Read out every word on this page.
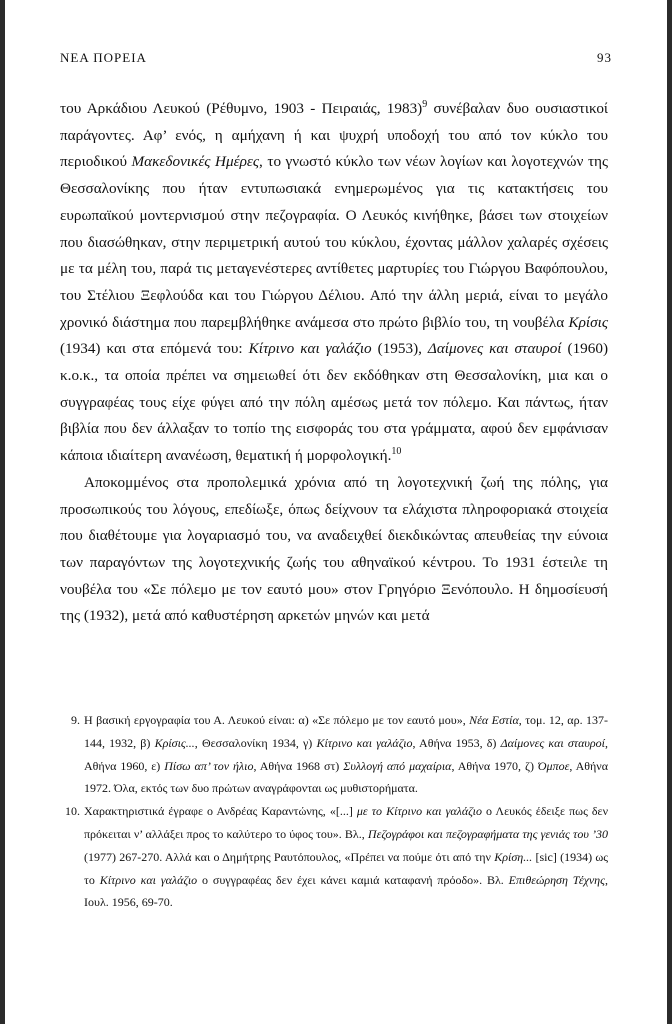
ΝΕΑ ΠΟΡΕΙΑ	93

του Αρκάδιου Λευκού (Ρέθυμνο, 1903 - Πειραιάς, 1983)$^9$ συνέβαλαν δυο ουσιαστικοί παράγοντες. Αφ’ ενός, η αμήχανη ή και ψυχρή υποδοχή του από τον κύκλο του περιοδικού Μακεδονικές Ημέρες, το γνωστό κύκλο των νέων λογίων και λογοτεχνών της Θεσσαλονίκης που ήταν εντυπωσιακά ενημερωμένος για τις κατακτήσεις του ευρωπαϊκού μοντερνισμού στην πεζογραφία. Ο Λευκός κινήθηκε, βάσει των στοιχείων που διασώθηκαν, στην περιμετρική αυτού του κύκλου, έχοντας μάλλον χαλαρές σχέσεις με τα μέλη του, παρά τις μεταγενέστερες αντίθετες μαρτυρίες του Γιώργου Βαφόπουλου, του Στέλιου Ξεφλούδα και του Γιώργου Δέλιου. Από την άλλη μεριά, είναι το μεγάλο χρονικό διάστημα που παρεμβλήθηκε ανάμεσα στο πρώτο βιβλίο του, τη νουβέλα Κρίσις (1934) και στα επόμενά του: Κίτρινο και γαλάζιο (1953), Δαίμονες και σταυροί (1960) κ.ο.κ., τα οποία πρέπει να σημειωθεί ότι δεν εκδόθηκαν στη Θεσσαλονίκη, μια και ο συγγραφέας τους είχε φύγει από την πόλη αμέσως μετά τον πόλεμο. Και πάντως, ήταν βιβλία που δεν άλλαξαν το τοπίο της εισφοράς του στα γράμματα, αφού δεν εμφάνισαν κάποια ιδιαίτερη ανανέωση, θεματική ή μορφολογική.$^{10}$

Αποκομμένος στα προπολεμικά χρόνια από τη λογοτεχνική ζωή της πόλης, για προσωπικούς του λόγους, επεδίωξε, όπως δείχνουν τα ελάχιστα πληροφοριακά στοιχεία που διαθέτουμε για λογαριασμό του, να αναδειχθεί διεκδικώντας απευθείας την εύνοια των παραγόντων της λογοτεχνικής ζωής του αθηναϊκού κέντρου. Το 1931 έστειλε τη νουβέλα του «Σε πόλεμο με τον εαυτό μου» στον Γρηγόριο Ξενόπουλο. Η δημοσίευσή της (1932), μετά από καθυστέρηση αρκετών μηνών και μετά

9. Η βασική εργογραφία του Α. Λευκού είναι: α) «Σε πόλεμο με τον εαυτό μου», Νέα Εστία, τομ. 12, αρ. 137-144, 1932, β) Κρίσις..., Θεσσαλονίκη 1934, γ) Κίτρινο και γαλάζιο, Αθήνα 1953, δ) Δαίμονες και σταυροί, Αθήνα 1960, ε) Πίσω απ’ τον ήλιο, Αθήνα 1968 στ) Συλλογή από μαχαίρια, Αθήνα 1970, ζ) Όμποε, Αθήνα 1972. Όλα, εκτός των δυο πρώτων αναγράφονται ως μυθιστορήματα.
10. Χαρακτηριστικά έγραφε ο Ανδρέας Καραντώνης, «[...] με το Κίτρινο και γαλάζιο ο Λευκός έδειξε πως δεν πρόκειται ν’ αλλάξει προς το καλύτερο το ύφος του». Βλ., Πεζογράφοι και πεζογραφήματα της γενιάς του ’30 (1977) 267-270. Αλλά και ο Δημήτρης Ραυτόπουλος, «Πρέπει να πούμε ότι από την Κρίση... [sic] (1934) ως το Κίτρινο και γαλάζιο ο συγγραφέας δεν έχει κάνει καμιά καταφανή πρόοδο». Βλ. Επιθεώρηση Τέχνης, Ιουλ. 1956, 69-70.
